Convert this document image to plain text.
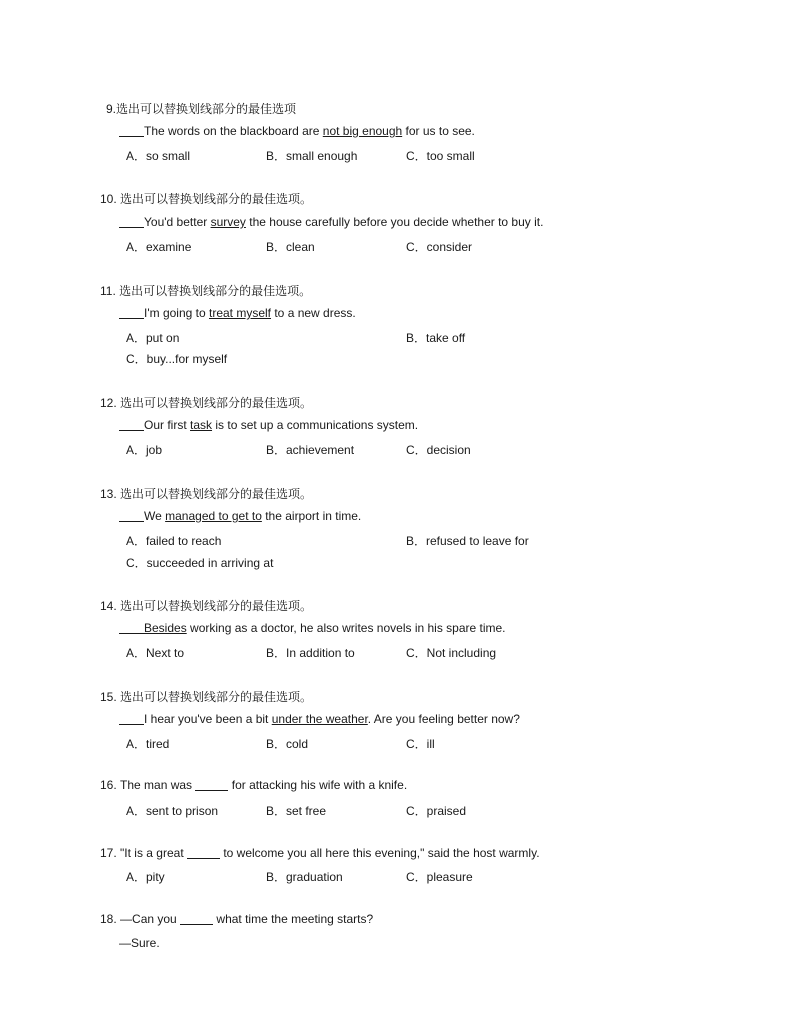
9.选出可以替换划线部分的最佳选项
The words on the blackboard are not big enough for us to see.
A．so small	B．small enough	C．too small
10. 选出可以替换划线部分的最佳选项。
You'd better survey the house carefully before you decide whether to buy it.
A．examine	B．clean	C．consider
11. 选出可以替换划线部分的最佳选项。
I'm going to treat myself to a new dress.
A．put on	B．take off
C．buy...for myself
12. 选出可以替换划线部分的最佳选项。
Our first task is to set up a communications system.
A．job	B．achievement	C．decision
13. 选出可以替换划线部分的最佳选项。
We managed to get to the airport in time.
A．failed to reach	B．refused to leave for
C．succeeded in arriving at
14. 选出可以替换划线部分的最佳选项。
Besides working as a doctor, he also writes novels in his spare time.
A．Next to	B．In addition to	C．Not including
15. 选出可以替换划线部分的最佳选项。
I hear you've been a bit under the weather. Are you feeling better now?
A．tired	B．cold	C．ill
16. The man was	for attacking his wife with a knife.
A．sent to prison	B．set free	C．praised
17. "It is a great	to welcome you all here this evening," said the host warmly.
A．pity	B．graduation	C．pleasure
18. —Can you	what time the meeting starts?
—Sure.
